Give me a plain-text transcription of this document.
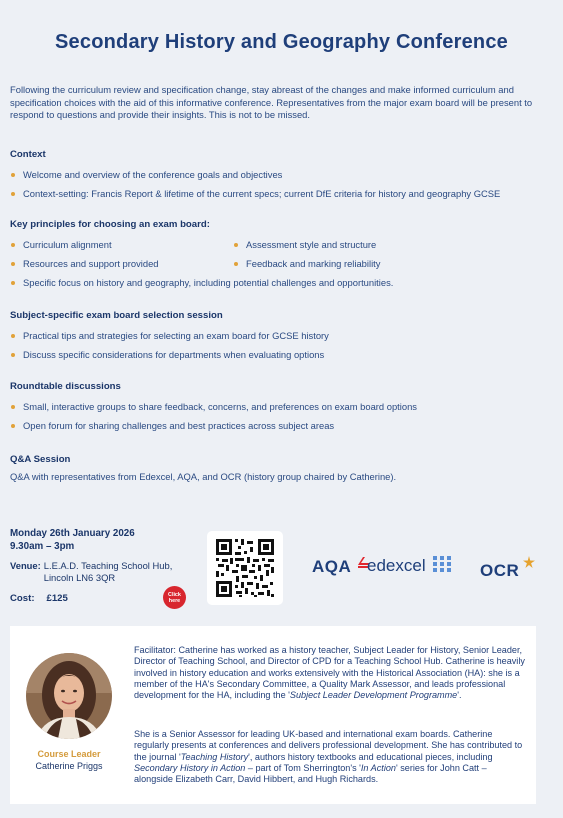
Secondary History and Geography Conference

Following the curriculum review and specification change, stay abreast of the changes and make informed curriculum and specification choices with the aid of this informative conference. Representatives from the major exam board will be present to respond to questions and provide their insights. This is not to be missed.

Context
Welcome and overview of the conference goals and objectives
Context-setting: Francis Report & lifetime of the current specs; current DfE criteria for history and geography GCSE
Key principles for choosing an exam board:
Curriculum alignment	Assessment style and structure
Resources and support provided	Feedback and marking reliability
Specific focus on history and geography, including potential challenges and opportunities.
Subject-specific exam board selection session
Practical tips and strategies for selecting an exam board for GCSE history
Discuss specific considerations for departments when evaluating options
Roundtable discussions
Small, interactive groups to share feedback, concerns, and preferences on exam board options
Open forum for sharing challenges and best practices across subject areas
Q&A Session
Q&A with representatives from Edexcel, AQA, and OCR (history group chaired by Catherine).
Monday 26th January 2026
9.30am – 3pm
Venue: L.E.A.D. Teaching School Hub,
Lincoln LN6 3QR
Cost: £125	Click
here
AQA edexcel	OCR
Course Leader
Catherine Priggs

Facilitator: Catherine has worked as a history teacher, Subject Leader for History, Senior Leader, Director of Teaching School, and Director of CPD for a Teaching School Hub. Catherine is heavily involved in history education and works extensively with the Historical Association (HA): she is a member of the HA's Secondary Committee, a Quality Mark Assessor, and leads professional development for the HA, including the 'Subject Leader Development Programme'.

She is a Senior Assessor for leading UK-based and international exam boards. Catherine regularly presents at conferences and delivers professional development. She has contributed to the journal 'Teaching History', authors history textbooks and educational pieces, including Secondary History in Action – part of Tom Sherrington's 'In Action' series for John Catt – alongside Elizabeth Carr, David Hibbert, and Hugh Richards.
